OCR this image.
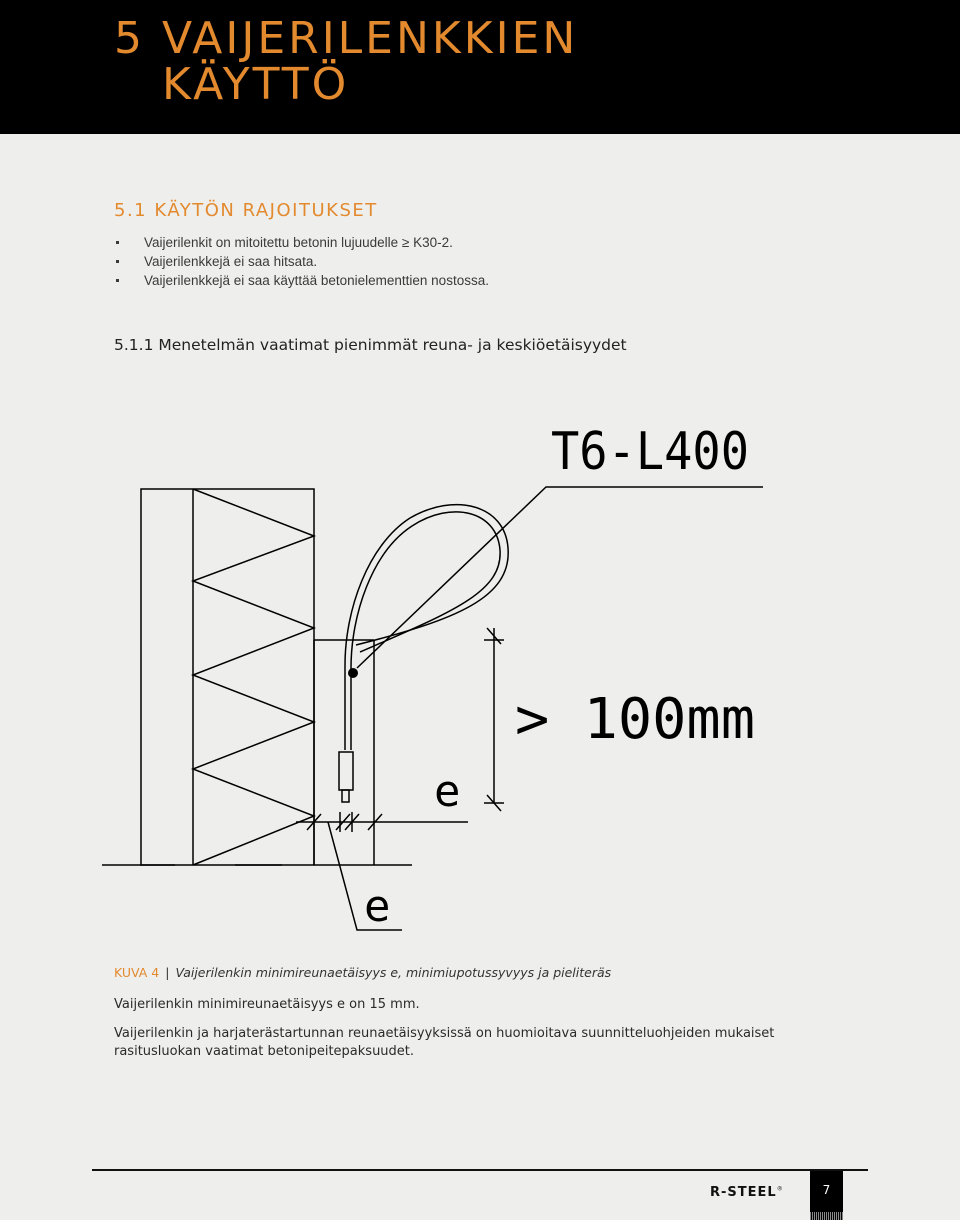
5 VAIJERILENKKIEN
KÄYTTÖ
5.1 KÄYTÖN RAJOITUKSET
Vaijerilenkit on mitoitettu betonin lujuudelle ≥ K30-2.
Vaijerilenkkejä ei saa hitsata.
Vaijerilenkkejä ei saa käyttää betonielementtien nostossa.
5.1.1 Menetelmän vaatimat pienimmät reuna- ja keskiöetäisyydet
T6-L400
> 100mm
e
e
KUVA 4 | Vaijerilenkin minimireunaetäisyys e, minimiupotussyvyys ja pieliteräs

Vaijerilenkin minimireunaetäisyys e on 15 mm.

Vaijerilenkin ja harjaterästartunnan reunaetäisyyksissä on huomioitava suunnitteluohjeiden mukaiset rasitusluokan vaatimat betonipeitepaksuudet.

R-STEEL®	7
